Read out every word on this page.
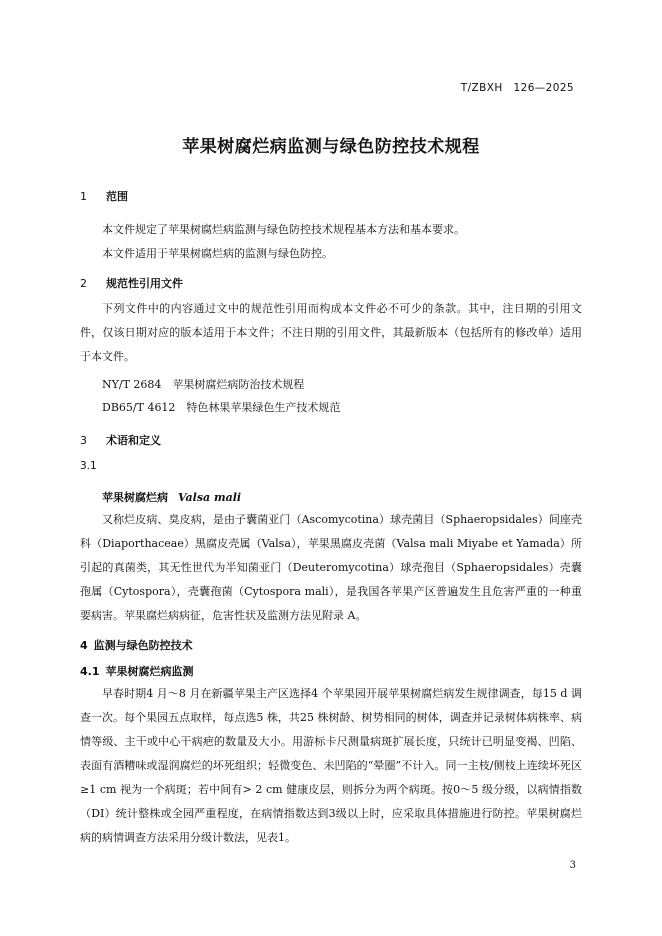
T/ZBXH　126—2025
苹果树腐烂病监测与绿色防控技术规程
1 范围
本文件规定了苹果树腐烂病监测与绿色防控技术规程基本方法和基本要求。
本文件适用于苹果树腐烂病的监测与绿色防控。
2 规范性引用文件
下列文件中的内容通过文中的规范性引用而构成本文件必不可少的条款。其中，注日期的引用文件，仅该日期对应的版本适用于本文件；不注日期的引用文件，其最新版本（包括所有的修改单）适用于本文件。
NY/T 2684　苹果树腐烂病防治技术规程
DB65/T 4612　特色林果苹果绿色生产技术规范
3 术语和定义
3.1
苹果树腐烂病 Valsa mali
又称烂皮病、臭皮病，是由子囊菌亚门（Ascomycotina）球壳菌目（Sphaeropsidales）间座壳科（Diaporthaceae）黑腐皮壳属（Valsa），苹果黑腐皮壳菌（Valsa mali Miyabe et Yamada）所引起的真菌类，其无性世代为半知菌亚门（Deuteromycotina）球壳孢目（Sphaeropsidales）壳囊孢属（Cytospora），壳囊孢菌（Cytospora mali），是我国各苹果产区普遍发生且危害严重的一种重要病害。苹果腐烂病病征，危害性状及监测方法见附录 A。
4 监测与绿色防控技术
4.1 苹果树腐烂病监测
早春时期4 月～8 月在新疆苹果主产区选择4 个苹果园开展苹果树腐烂病发生规律调查，每15 d 调查一次。每个果园五点取样，每点选5 株，共25 株树龄、树势相同的树体，调查并记录树体病株率、病情等级、主干或中心干病疤的数量及大小。用游标卡尺测量病斑扩展长度，只统计已明显变褐、凹陷、表面有酒糟味或湿润腐烂的坏死组织；轻微变色、未凹陷的“晕圈”不计入。同一主枝/侧枝上连续坏死区≥1 cm 视为一个病斑；若中间有> 2 cm 健康皮层，则拆分为两个病斑。按0～5 级分级，以病情指数（DI）统计整株或全园严重程度，在病情指数达到3级以上时，应采取具体措施进行防控。苹果树腐烂病的病情调查方法采用分级计数法，见表1。
3
